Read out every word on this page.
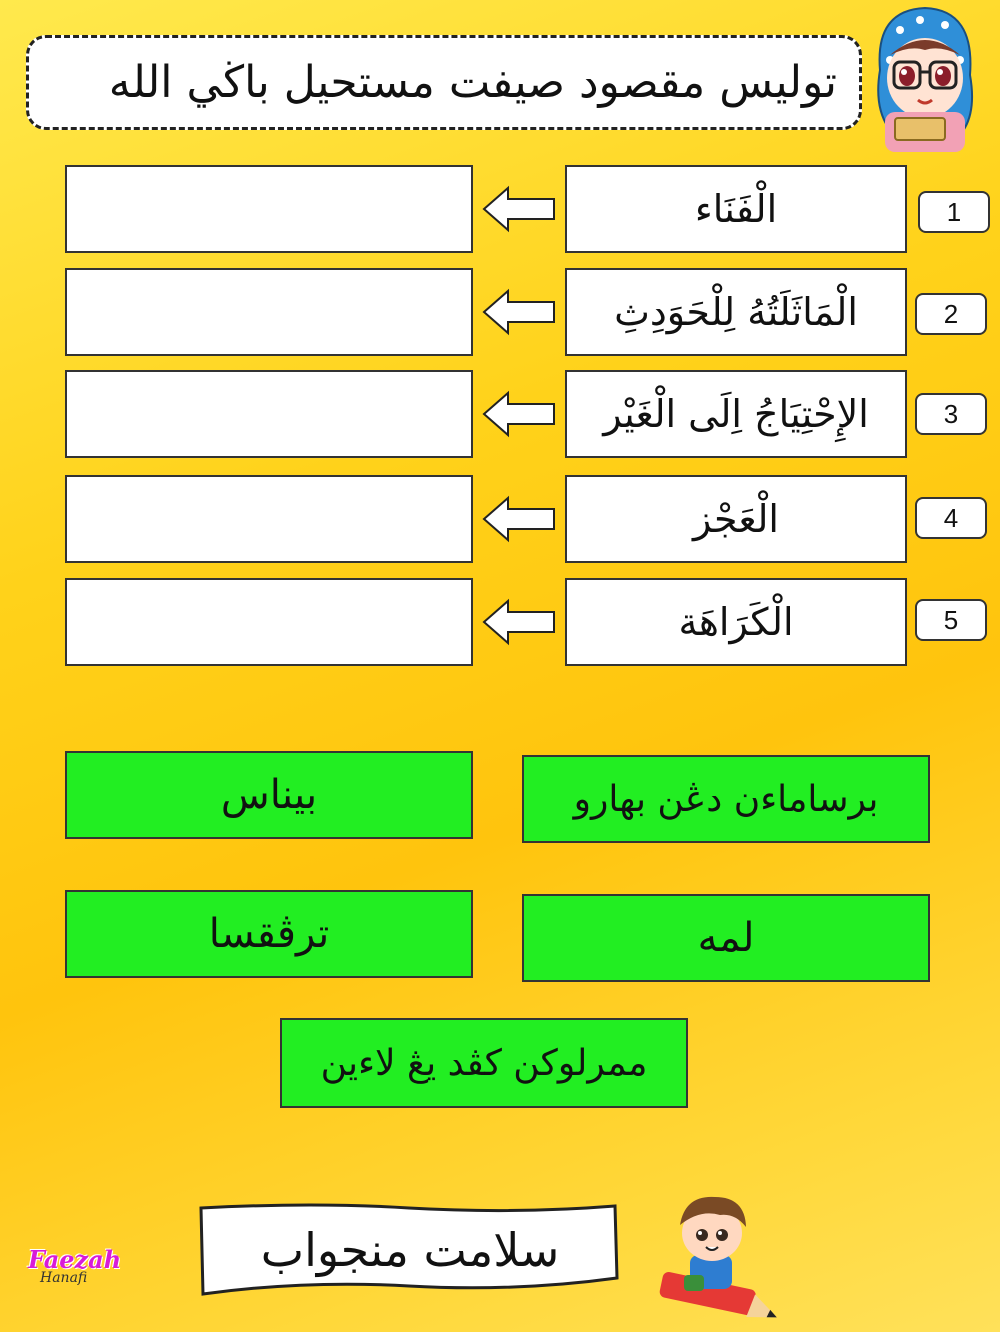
توليس مقصود صيفت مستحيل باڬي الله
1
الْفَنَاء
2
الْمَاثَلَتُهُ لِلْحَوَدِثِ
3
الإِحْتِيَاجُ اِلَى الْغَيْر
4
الْعَجْز
5
الْكَرَاهَة
بيناس	برساماءن دڠن بهارو
ترڤقسا	لمه
ممرلوكن كڤد يڠ لاءين
سلامت منجواب
Faezah
Hanafi
